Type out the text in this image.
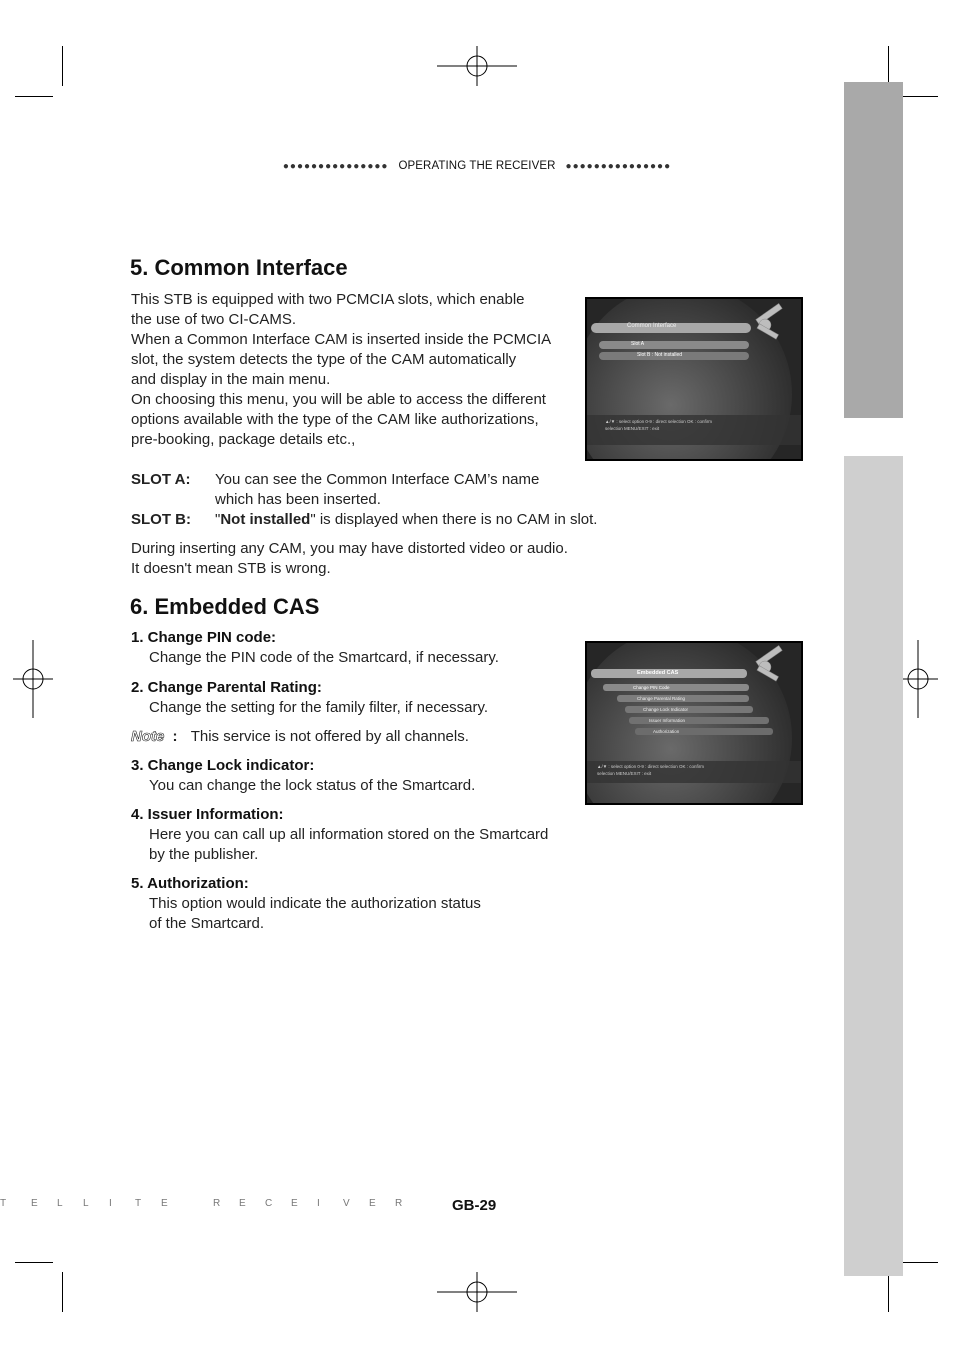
●●●●●●●●●●●●●●● OPERATING THE RECEIVER ●●●●●●●●●●●●●●●
5. Common Interface
This STB is equipped with two PCMCIA slots, which enable
the use of two CI-CAMS.
When a Common Interface CAM is inserted inside the PCMCIA
slot, the system detects the type of the CAM automatically
and display in the main menu.
On choosing this menu, you will be able to access the different
options available with the type of the CAM like authorizations,
pre-booking, package details etc.,
SLOT A: You can see the Common Interface CAM’s name
which has been inserted.
SLOT B: "Not installed" is displayed when there is no CAM in slot.
During inserting any CAM, you may have distorted video or audio.
It doesn't mean STB is wrong.
Common Interface
Slot A
Slot B : Not installed
▲/▼ : select option 0-9 : direct selection OK : confirm
selection MENU/EXIT : exit
6. Embedded CAS
1. Change PIN code:
Change the PIN code of the Smartcard, if necessary.
2. Change Parental Rating:
Change the setting for the family filter, if necessary.
Note : This service is not offered by all channels.
3. Change Lock indicator:
You can change the lock status of the Smartcard.
4. Issuer Information:
Here you can call up all information stored on the Smartcard
by the publisher.
5. Authorization:
This option would indicate the authorization status
of the Smartcard.
Embedded CAS
Change PIN Code
Change Parental Rating
Change Lock Indicator
Issuer Information
Authorization
▲/▼ : select option 0-9 : direct selection OK : confirm
selection MENU/EXIT : exit
T E L L I T E	R E C E I V E R	GB-29
